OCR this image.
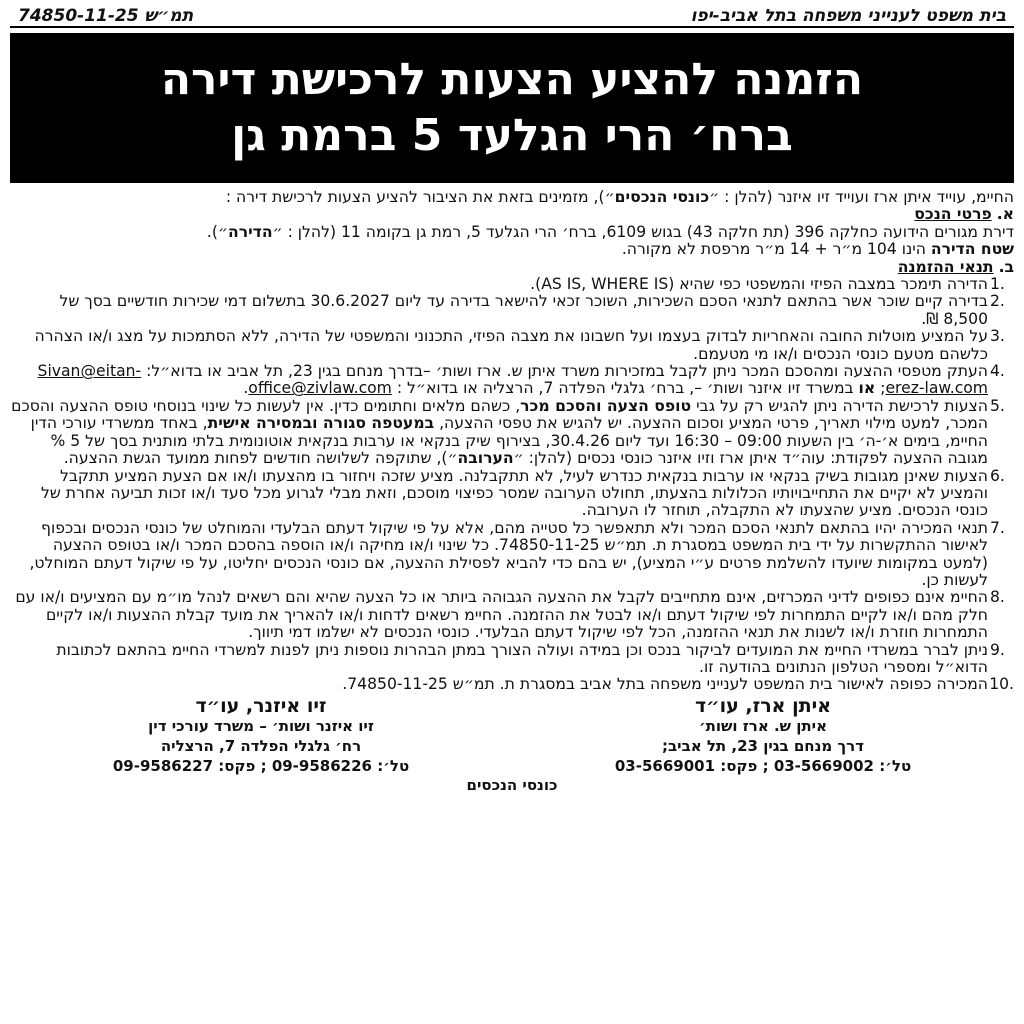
בית משפט לענייני משפחה בתל אביב-יפו
תמ״ש 74850-11-25
הזמנה להציע הצעות לרכישת דירה
ברח׳ הרי הגלעד 5 ברמת גן

החיימ, עוייד איתן ארז ועוייד זיו איזנר (להלן : ״כונסי הנכסים״), מזמינים בזאת את הציבור להציע הצעות לרכישת דירה :

א. פרטי הנכס

דירת מגורים הידועה כחלקה 396 (תת חלקה 43) בגוש 6109, ברח׳ הרי הגלעד 5, רמת גן בקומה 11 (להלן : ״הדירה״).

שטח הדירה הינו 104 מ״ר + 14 מ״ר מרפסת לא מקורה.

ב. תנאי ההזמנה

.1
הדירה תימכר במצבה הפיזי והמשפטי כפי שהיא (AS IS, WHERE IS).
.2
בדירה קיים שוכר אשר בהתאם לתנאי הסכם השכירות, השוכר זכאי להישאר בדירה עד ליום 30.6.2027 בתשלום דמי שכירות חודשיים בסך של 8,500 ₪.
.3
על המציע מוטלות החובה והאחריות לבדוק בעצמו ועל חשבונו את מצבה הפיזי, התכנוני והמשפטי של הדירה, ללא הסתמכות על מצג ו/או הצהרה כלשהם מטעם כונסי הנכסים ו/או מי מטעמם.
.4
העתק מטפסי ההצעה ומהסכם המכר ניתן לקבל במזכירות משרד איתן ש. ארז ושות׳ –בדרך מנחם בגין 23, תל אביב או בדוא״ל: Sivan@eitan-erez-law.com; או במשרד זיו איזנר ושות׳ –, ברח׳ גלגלי הפלדה 7, הרצליה או בדוא״ל : office@zivlaw.com.
.5
הצעות לרכישת הדירה ניתן להגיש רק על גבי טופס הצעה והסכם מכר, כשהם מלאים וחתומים כדין. אין לעשות כל שינוי בנוסחי טופס ההצעה והסכם המכר, למעט מילוי תאריך, פרטי המציע וסכום ההצעה. יש להגיש את טפסי ההצעה, במעטפה סגורה ובמסירה אישית, באחד ממשרדי עורכי הדין החיימ, בימים א׳-ה׳ בין השעות 09:00 – 16:30 ועד ליום 30.4.26, בצירוף שיק בנקאי או ערבות בנקאית אוטונומית בלתי מותנית בסך של 5 % מגובה ההצעה לפקודת: עוה״ד איתן ארז וזיו איזנר כונסי נכסים (להלן: ״הערובה״), שתוקפה לשלושה חודשים לפחות ממועד הגשת ההצעה.
.6
הצעות שאינן מגובות בשיק בנקאי או ערבות בנקאית כנדרש לעיל, לא תתקבלנה. מציע שזכה ויחזור בו מהצעתו ו/או אם הצעת המציע תתקבל והמציע לא יקיים את התחייבויותיו הכלולות בהצעתו, תחולט הערובה שמסר כפיצוי מוסכם, וזאת מבלי לגרוע מכל סעד ו/או זכות תביעה אחרת של כונסי הנכסים. מציע שהצעתו לא התקבלה, תוחזר לו הערובה.
.7
תנאי המכירה יהיו בהתאם לתנאי הסכם המכר ולא תתאפשר כל סטייה מהם, אלא על פי שיקול דעתם הבלעדי והמוחלט של כונסי הנכסים ובכפוף לאישור ההתקשרות על ידי בית המשפט במסגרת ת. תמ״ש 74850-11-25. כל שינוי ו/או מחיקה ו/או הוספה בהסכם המכר ו/או בטופס ההצעה (למעט במקומות שיועדו להשלמת פרטים ע״י המציע), יש בהם כדי להביא לפסילת ההצעה, אם כונסי הנכסים יחליטו, על פי שיקול דעתם המוחלט, לעשות כן.
.8
החיימ אינם כפופים לדיני המכרזים, אינם מתחייבים לקבל את ההצעה הגבוהה ביותר או כל הצעה שהיא והם רשאים לנהל מו״מ עם המציעים ו/או עם חלק מהם ו/או לקיים התמחרות לפי שיקול דעתם ו/או לבטל את ההזמנה. החיימ רשאים לדחות ו/או להאריך את מועד קבלת ההצעות ו/או לקיים התמחרות חוזרת ו/או לשנות את תנאי ההזמנה, הכל לפי שיקול דעתם הבלעדי. כונסי הנכסים לא ישלמו דמי תיווך.
.9
ניתן לברר במשרדי החיימ את המועדים לביקור בנכס וכן במידה ועולה הצורך במתן הבהרות נוספות ניתן לפנות למשרדי החיימ בהתאם לכתובות הדוא״ל ומספרי הטלפון הנתונים בהודעה זו.
.10
המכירה כפופה לאישור בית המשפט לענייני משפחה בתל אביב במסגרת ת. תמ״ש 74850-11-25.
איתן ארז, עו״ד
איתן ש. ארז ושות׳
דרך מנחם בגין 23, תל אביב;
טל׳: 03-5669002 ; פקס: 03-5669001
זיו איזנר, עו״ד
זיו איזנר ושות׳ – משרד עורכי דין
רח׳ גלגלי הפלדה 7, הרצליה
טל׳: 09-9586226 ; פקס: 09-9586227
כונסי הנכסים
